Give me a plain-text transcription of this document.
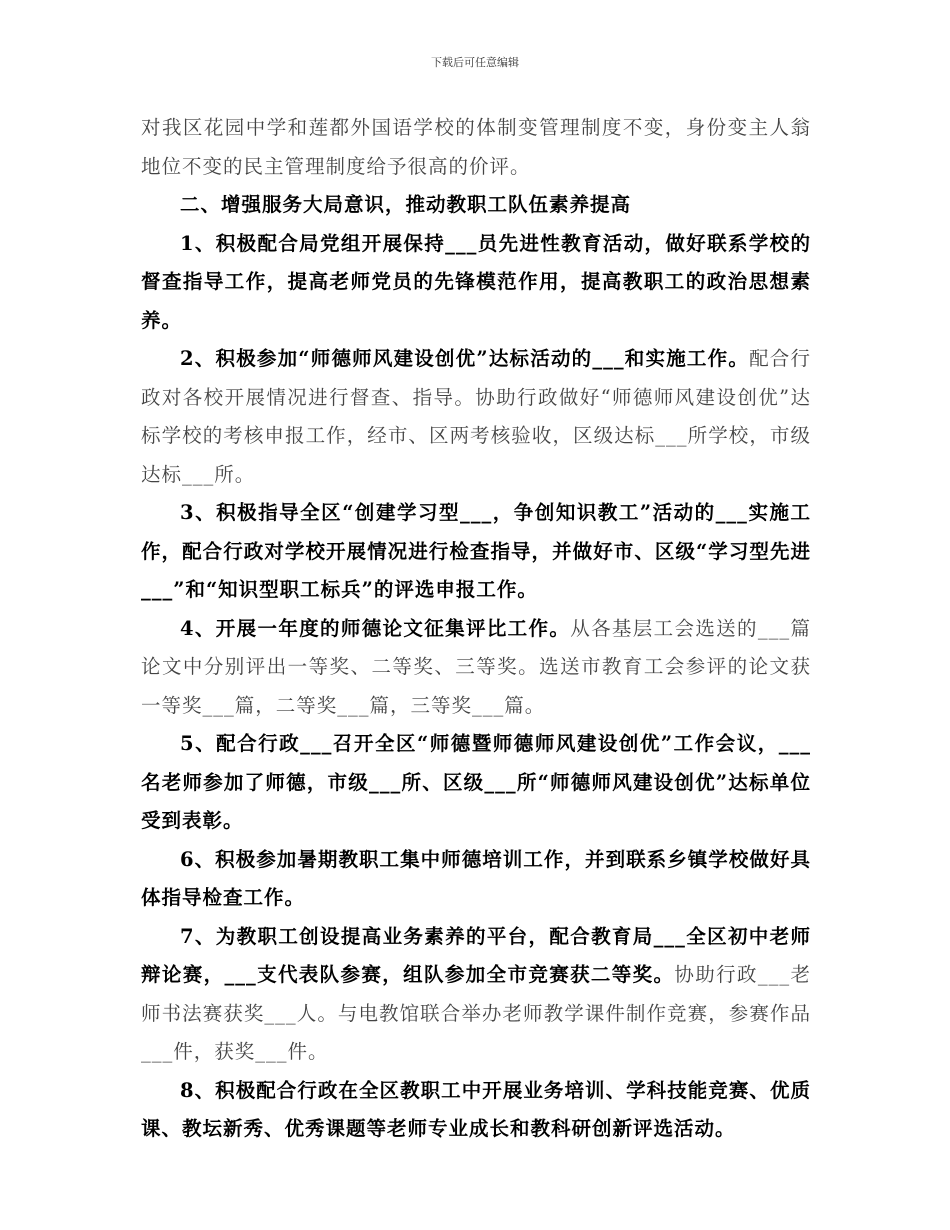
下载后可任意编辑

对我区花园中学和莲都外国语学校的体制变管理制度不变，身份变主人翁地位不变的民主管理制度给予很高的价评。

二、增强服务大局意识，推动教职工队伍素养提高

1、积极配合局党组开展保持___员先进性教育活动，做好联系学校的督查指导工作，提高老师党员的先锋模范作用，提高教职工的政治思想素养。

2、积极参加“师德师风建设创优”达标活动的___和实施工作。配合行政对各校开展情况进行督查、指导。协助行政做好“师德师风建设创优”达标学校的考核申报工作，经市、区两考核验收，区级达标___所学校，市级达标___所。

3、积极指导全区“创建学习型___，争创知识教工”活动的___实施工作，配合行政对学校开展情况进行检查指导，并做好市、区级“学习型先进___”和“知识型职工标兵”的评选申报工作。

4、开展一年度的师德论文征集评比工作。从各基层工会选送的___篇论文中分别评出一等奖、二等奖、三等奖。选送市教育工会参评的论文获一等奖___篇，二等奖___篇，三等奖___篇。

5、配合行政___召开全区“师德暨师德师风建设创优”工作会议，___名老师参加了师德，市级___所、区级___所“师德师风建设创优”达标单位受到表彰。

6、积极参加暑期教职工集中师德培训工作，并到联系乡镇学校做好具体指导检查工作。

7、为教职工创设提高业务素养的平台，配合教育局___全区初中老师辩论赛，___支代表队参赛，组队参加全市竞赛获二等奖。协助行政___老师书法赛获奖___人。与电教馆联合举办老师教学课件制作竞赛，参赛作品___件，获奖___件。

8、积极配合行政在全区教职工中开展业务培训、学科技能竞赛、优质课、教坛新秀、优秀课题等老师专业成长和教科研创新评选活动。
